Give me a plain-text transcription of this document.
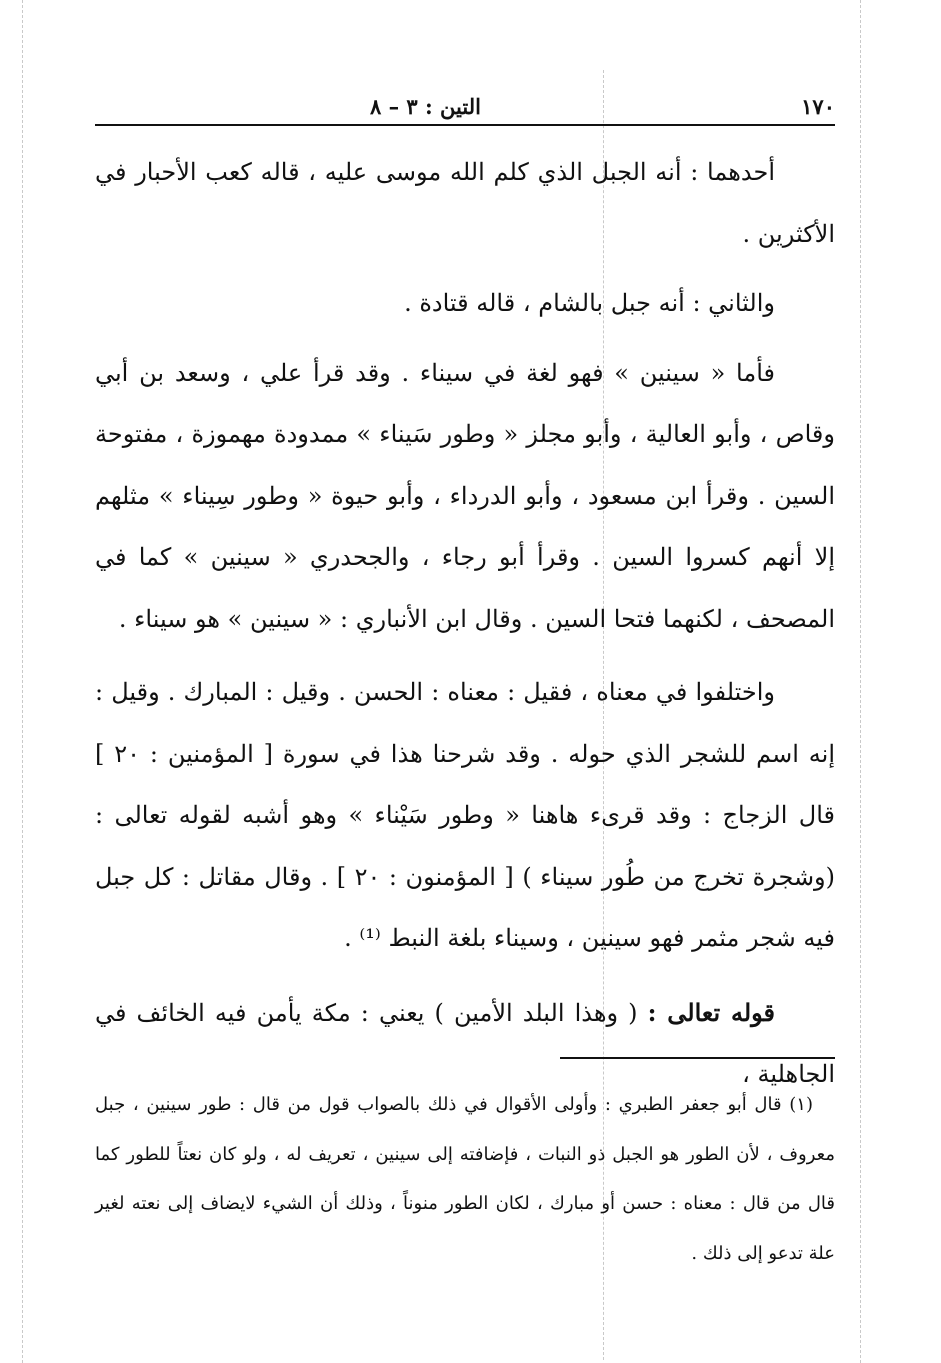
١٧٠
التين : ٣ – ٨

أحدهما : أنه الجبل الذي كلم الله موسى عليه ، قاله كعب الأحبار في الأكثرين .

والثاني : أنه جبل بالشام ، قاله قتادة .

فأما « سينين » فهو لغة في سيناء . وقد قرأ علي ، وسعد بن أبي وقاص ، وأبو العالية ، وأبو مجلز « وطور سَيناء » ممدودة مهموزة ، مفتوحة السين . وقرأ ابن مسعود ، وأبو الدرداء ، وأبو حيوة « وطور سِيناء » مثلهم إلا أنهم كسروا السين . وقرأ أبو رجاء ، والجحدري « سينين » كما في المصحف ، لكنهما فتحا السين . وقال ابن الأنباري : « سينين » هو سيناء .

واختلفوا في معناه ، فقيل : معناه : الحسن . وقيل : المبارك . وقيل : إنه اسم للشجر الذي حوله . وقد شرحنا هذا في سورة [ المؤمنين : ٢٠ ] قال الزجاج : وقد قرىء هاهنا « وطور سَيْناء » وهو أشبه لقوله تعالى :(وشجرة تخرج من طُور سيناء ) [ المؤمنون : ٢٠ ] . وقال مقاتل : كل جبل فيه شجر مثمر فهو سينين ، وسيناء بلغة النبط ⁽¹⁾ .

قوله تعالى : ( وهذا البلد الأمين ) يعني : مكة يأمن فيه الخائف في الجاهلية ،

(١) قال أبو جعفر الطبري : وأولى الأقوال في ذلك بالصواب قول من قال : طور سينين ، جبل معروف ، لأن الطور هو الجبل ذو النبات ، فإضافته إلى سينين ، تعريف له ، ولو كان نعتاً للطور كما قال من قال : معناه : حسن أو مبارك ، لكان الطور منوناً ، وذلك أن الشيء لايضاف إلى نعته لغير علة تدعو إلى ذلك .
